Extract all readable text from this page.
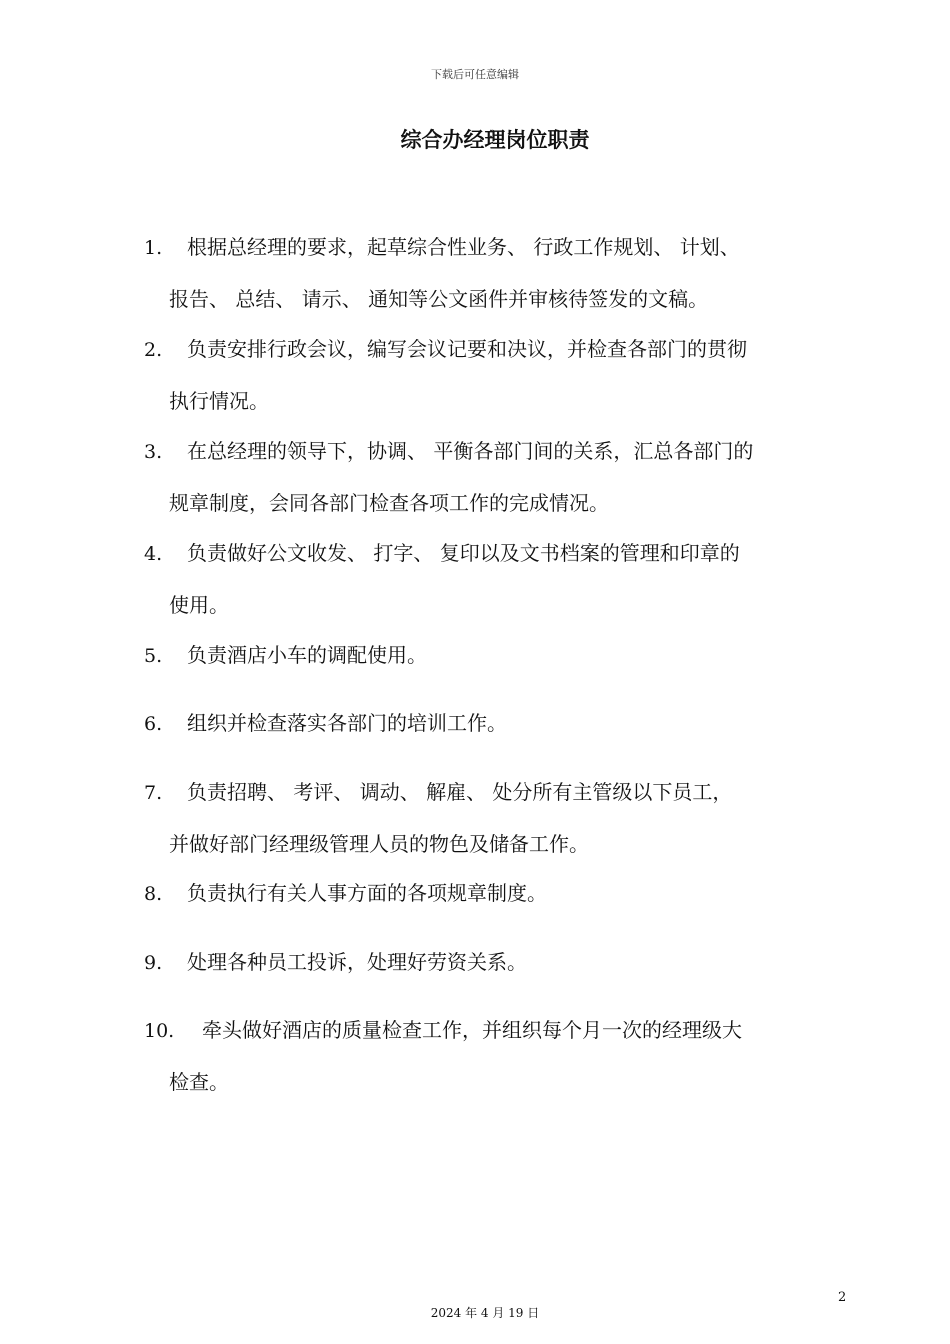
下载后可任意编辑
综合办经理岗位职责
1. 根据总经理的要求，起草综合性业务、 行政工作规划、 计划、
报告、 总结、 请示、 通知等公文函件并审核待签发的文稿。
2. 负责安排行政会议，编写会议记要和决议，并检查各部门的贯彻
执行情况。
3. 在总经理的领导下，协调、 平衡各部门间的关系，汇总各部门的
规章制度，会同各部门检查各项工作的完成情况。
4. 负责做好公文收发、 打字、 复印以及文书档案的管理和印章的
使用。
5. 负责酒店小车的调配使用。
6. 组织并检查落实各部门的培训工作。
7. 负责招聘、 考评、 调动、 解雇、 处分所有主管级以下员工，
并做好部门经理级管理人员的物色及储备工作。
8. 负责执行有关人事方面的各项规章制度。
9. 处理各种员工投诉，处理好劳资关系。
10. 牵头做好酒店的质量检查工作，并组织每个月一次的经理级大
检查。
2
2024 年 4 月 19 日
